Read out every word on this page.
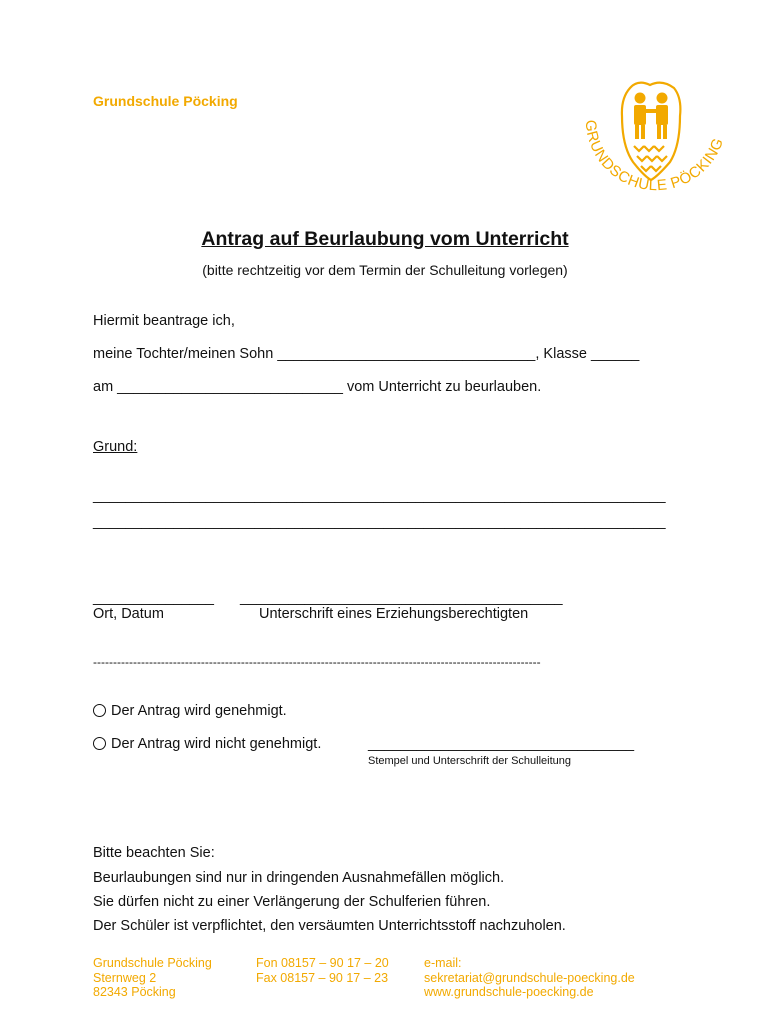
Grundschule Pöcking
GRUNDSCHULE PÖCKING
Antrag auf Beurlaubung vom Unterricht
(bitte rechtzeitig vor dem Termin der Schulleitung vorlegen)
Hiermit beantrage ich,
meine Tochter/meinen Sohn ________________________________, Klasse ______
am ____________________________ vom Unterricht zu beurlauben.
Grund:
_______________________________________________________________________
_______________________________________________________________________
_______________ ________________________________________
Ort, Datum	Unterschrift eines Erziehungsberechtigten
----------------------------------------------------------------------------------------------------------------
Der Antrag wird genehmigt.
Der Antrag wird nicht genehmigt.	_________________________________
Stempel und Unterschrift der Schulleitung
Bitte beachten Sie:
Beurlaubungen sind nur in dringenden Ausnahmefällen möglich.
Sie dürfen nicht zu einer Verlängerung der Schulferien führen.
Der Schüler ist verpflichtet, den versäumten Unterrichtsstoff nachzuholen.
Grundschule Pöcking
Sternweg 2
82343 Pöcking
Fon 08157 – 90 17 – 20
Fax 08157 – 90 17 – 23
e-mail:
sekretariat@grundschule-poecking.de
www.grundschule-poecking.de
